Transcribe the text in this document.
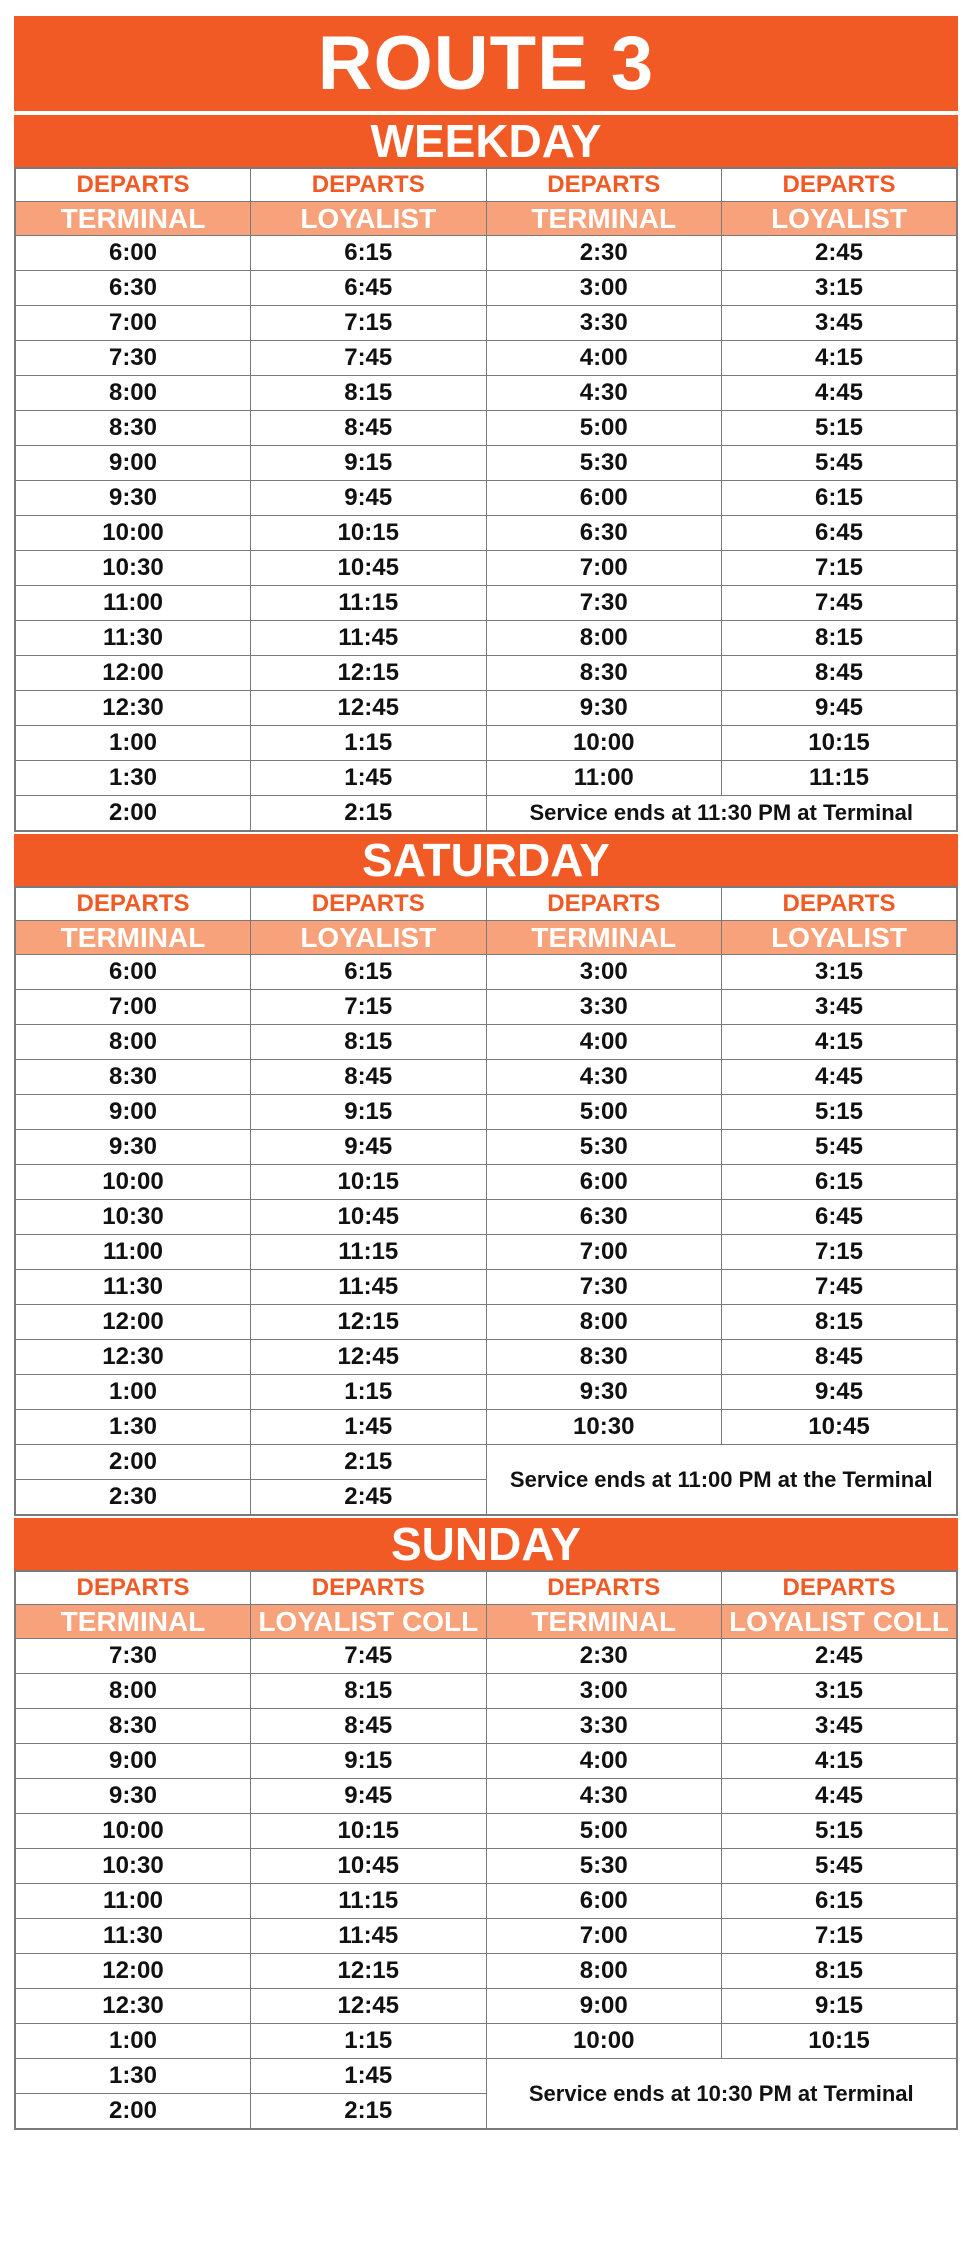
ROUTE 3
WEEKDAY
DEPARTS	DEPARTS	DEPARTS	DEPARTS
TERMINAL	LOYALIST	TERMINAL	LOYALIST
6:00	6:15	2:30	2:45
6:30	6:45	3:00	3:15
7:00	7:15	3:30	3:45
7:30	7:45	4:00	4:15
8:00	8:15	4:30	4:45
8:30	8:45	5:00	5:15
9:00	9:15	5:30	5:45
9:30	9:45	6:00	6:15
10:00	10:15	6:30	6:45
10:30	10:45	7:00	7:15
11:00	11:15	7:30	7:45
11:30	11:45	8:00	8:15
12:00	12:15	8:30	8:45
12:30	12:45	9:30	9:45
1:00	1:15	10:00	10:15
1:30	1:45	11:00	11:15
2:00	2:15	Service ends at 11:30 PM at Terminal	
SATURDAY
DEPARTS	DEPARTS	DEPARTS	DEPARTS
TERMINAL	LOYALIST	TERMINAL	LOYALIST
6:00	6:15	3:00	3:15
7:00	7:15	3:30	3:45
8:00	8:15	4:00	4:15
8:30	8:45	4:30	4:45
9:00	9:15	5:00	5:15
9:30	9:45	5:30	5:45
10:00	10:15	6:00	6:15
10:30	10:45	6:30	6:45
11:00	11:15	7:00	7:15
11:30	11:45	7:30	7:45
12:00	12:15	8:00	8:15
12:30	12:45	8:30	8:45
1:00	1:15	9:30	9:45
1:30	1:45	10:30	10:45
2:00	2:15	Service ends at 11:00 PM at the Terminal	
2:30	2:45		
SUNDAY
DEPARTS	DEPARTS	DEPARTS	DEPARTS
TERMINAL	LOYALIST COLL	TERMINAL	LOYALIST COLL
7:30	7:45	2:30	2:45
8:00	8:15	3:00	3:15
8:30	8:45	3:30	3:45
9:00	9:15	4:00	4:15
9:30	9:45	4:30	4:45
10:00	10:15	5:00	5:15
10:30	10:45	5:30	5:45
11:00	11:15	6:00	6:15
11:30	11:45	7:00	7:15
12:00	12:15	8:00	8:15
12:30	12:45	9:00	9:15
1:00	1:15	10:00	10:15
1:30	1:45	Service ends at 10:30 PM at Terminal	
2:00	2:15		
